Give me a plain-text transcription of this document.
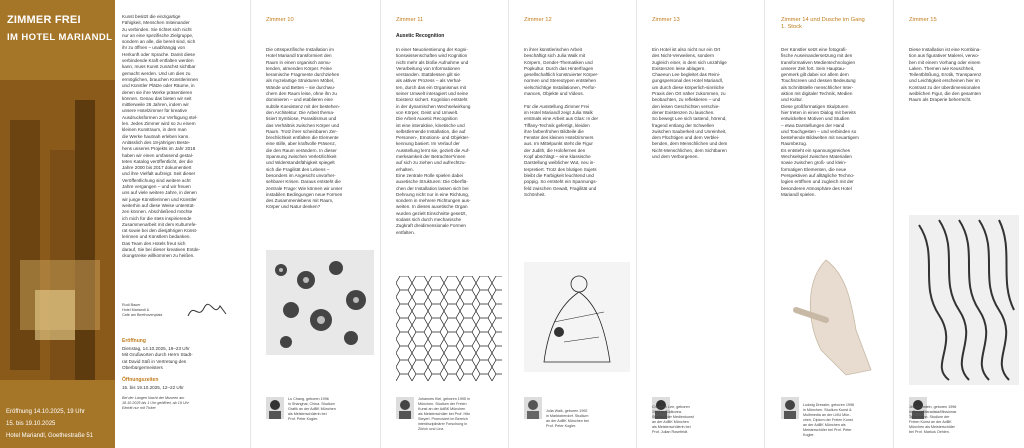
ZIMMER FREI
IM HOTEL MARIANDL
Eröffnung 14.10.2025, 19 Uhr
15. bis 19.10.2025
Hotel Mariandl, Goethestraße 51
Kunst besitzt die einzigartige
Fähigkeit, Menschen miteinander
zu verbinden. Sie richtet sich nicht
nur an eine spezifische Zielgruppe,
sondern an alle, die bereit sind, sich
ihr zu öffnen – unabhängig von
Herkunft oder Sprache. Damit diese
verbindende Kraft entfalten werden
kann, muss Kunst zunächst sichtbar
gemacht werden. Und um dies zu
ermöglichen, brauchen Künstlerinnen
und Künstler Plätze oder Räume, in
denen sie ihre Werke präsentieren
können. Genau das bieten wir seit
mittlerweile 26 Jahren, indem wir
unsere Hotelzimmer für kreative
Ausdrucksformen zur Verfügung stel-
len. Jedes Zimmer wird so zu einem
kleinen Kunstraum, in dem man
die Werke hautnah erleben kann.
Anlässlich des 18-jährigen Beste-
hens unseres Projekts im Jahr 2018
haben wir einen umfassend gestal-
teten Katalog veröffentlicht, der die
Jahre 2000 bis 2017 dokumentiert
und ihre Vielfalt aufzeigt. Seit dieser
Veröffentlichung sind weitere acht
Jahre vergangen – und wir freuen
uns auf viele weitere Jahre, in denen
wir junge Künstlerinnen und Künstler
weiterhin auf diese Weise unterstüt-
zen können. Abschließend möchte
ich mich für die stets inspirierende
Zusammenarbeit mit dem Kulturrefe-
rat sowie bei den diesjährigen Künst-
lerinnen und Künstlern bedanken.
Das Team des Hotels freut sich
darauf, Sie bei dieser kreativen Entde-
ckungsreise willkommen zu heißen.
Rudi Bauer
Hotel Mariandl &
Café am Beethovenplatz
Eröffnung
Dienstag, 14.10.2025, 19–23 Uhr
Mit Grußworten durch Herrn Stadt-
rat David Süß in Vertretung des
Oberbürgermeisters
Öffnungszeiten
15. bis 19.10.2025, 12–22 Uhr
Bei der Langen Nacht der Museen am
18.10.2025 bis 1 Uhr geöffnet, ab 19 Uhr
Eintritt nur mit Ticket
Zimmer 10
Die ortsspezifische Installation im
Hotel Mariandl transformiert den
Raum in einen organisch anmu-
tenden, atmenden Körper. Feine
keramische Fragmente durchziehen
als myzelartige Strukturen Möbel,
Wände und Betten – sie durchwu-
chern den Raum leise, ohne ihn zu
dominieren – und etablieren eine
subtile Koexistenz mit der bestehen-
den Architektur. Die Arbeit thema-
tisiert Symbiose, Parasitismus und
das Verhältnis zwischen Körper und
Raum. Trotz ihrer scheinbaren Zer-
brechlichkeit entfalten die Elemente
eine stille, aber kraftvolle Präsenz,
die den Raum verändern. In dieser
Spannung zwischen Verletzlichkeit
und Widerstandsfähigkeit spiegelt
sich die Fragilität des Lebens –
besonders im Angesicht unvorher-
sehbarer Krisen. Daraus entsteht die
zentrale Frage: Wie können wir unser
instabilen Bedingungen neue Formen
des Zusammenlebens mit Raum,
Körper und Natur denken?
Lu Chang, geboren 1996
in Shanghai, China. Studium
Grafik an der AdBK München
als Meisterschülerin bei
Prof. Peter Kogler.
Zimmer 11
Auxetic Recognition
In einer Neuorientierung der Kogni-
tionswissenschaften wird Kognition
nicht mehr als bloße Aufnahme und
Verarbeitung von Informationen
verstanden. Stattdessen gilt sie
als aktiver Prozess – als Verhal-
ten, durch das ein Organismus mit
seiner Umwelt interagiert und seine
Existenz sichert. Kognition entsteht
in der dynamischen Wechselwirkung
von Körper, Geist und Umwelt.
Die Arbeit Auxetic Recognition
ist eine interaktive, kinetische und
selbstlernende Installation, die auf
Personen-, Emotions- und Objekter-
kennung basiert. Im Verlauf der
Ausstellung lernt sie, gezielt die Auf-
merksamkeit der Betrachter*innen
auf sich zu ziehen und aufrechtzu-
erhalten.
Eine zentrale Rolle spielen dabei
auxetische Strukturen: Die Oberflä-
chen der Installation lassen sich bei
Dehnung nicht nur in eine Richtung,
sondern in mehrere Richtungen aus-
weiten. In dieses auxetische Organ
wurden gezielt Einschnitte gesetzt,
sodass sich durch mechanische
Zugkraft dreidimensionale Formen
entfalten.
Johannes Kiel, geboren 1995 in
München. Studium der Freien
Kunst an der AdBK München
als Meisterschüler bei Prof. Hito
Steyerl. Promoviert im Bereich
interdisziplinärer Forschung in
Zürich und Linz.
Zimmer 12
In ihrer künstlerischen Arbeit
beschäftigt sich Julia Walk mit
Körpern, Gender-Thematiken und
Popkultur. Durch das Hinterfragen
gesellschaftlich konstruierter Körper-
normen und Stereotypen entstehen
vielschichtige Installationen, Perfor-
mances, Objekte und Videos.

Für die Ausstellung Zimmer Frei
im Hotel Mariandl zeigt Julia Walk
erstmals eine Arbeit aus Glas: In der
Tiffany-Technik gefertigt, kleiden
ihre farbenfrohen Bildteile die
Fenster des kleinen Hotelzimmers
aus. Im Mittelpunkt steht die Figur
der Judith, die Holofernes den
Kopf abschlägt – eine klassische
Darstellung weiblicher Wut, neu in-
terpretiert. Trotz des blutigen Sujets
bleibt die Farbigkeit leuchtend und
poppig. So entsteht ein Spannungs-
feld zwischen Gewalt, Fragilität und
Schönheit.
Julia Walk, geboren 1992
in Marktoberdorf. Studium
an der AdBK München bei
Prof. Peter Kogler.
Zimmer 13
Ein Hotel ist also nicht nur ein Ort
des Nicht-Verweilens, sondern
zugleich einer, in dem sich unzählige
Existenzen leise ablagern.
Chaeeun Lee begleitet das Reini-
gungspersonal des Hotel Mariandl,
um durch diese körperlich-sinnliche
Praxis den Ort näher zukommen, zu
beobachten, zu reflektieren – und
den leisen Geschichten verschie-
dener Existenzen zu lauschen.
So bewegt Lee sich tastend, hörend,
fragend entlang der Schwellen
zwischen Sauberkeit und Unreinheit,
dem Flüchtigen und dem Verblei-
benden, dem Menschlichen und dem
Nicht-Menschlichen, dem Sichtbaren
und dem Verborgenen.
Chaeeun Lee, geboren
1993 in Südkorea.
Studium der Medienkunst
an der AdBK München
als Meisterschülerin bei
Prof. Julian Rosefeldt.
Zimmer 14 und Dusche im Gang
1. Stock
Der Künstler setzt eine fotografi-
fische Auseinandersetzung mit den
transformativen Medientechnologien
unserer Zeit fort. Sein Hauptau-
genmerk gilt dabei vor allem dem
Touchscreen und dessen Bedeutung
als Schnittstelle menschlicher Inter-
aktion mit digitaler Technik, Medien
und Kultur.
Diese großformatigen Skulpturen
hier treten in einen Dialog mit bereits
entwickelten Motiven und Studien
– etwa Darstellungen der Hand
und Touchgesten – und verbinden so
bestehende Bildwelten mit neuartigem
Raumbezug.
Es entsteht ein spannungsreiches
Wechselspiel zwischen Materialien
sowie zwischen groß- und klein-
formatigen Elementen, die neue
Perspektiven auf alltägliche Techno-
logien eröffnen und zugleich mit der
besonderen Atmosphäre des Hotel
Mariandl spielen.
Ludwig Dressler, geboren 1996
in München. Studium Kunst &
Multimedia an der LMU Mün-
chen, Diplom der Freien Kunst
an der AdBK München als
Meisterschüler bei Prof. Peter
Kogler.
Zimmer 15
Diese Installation ist eine Kombina-
tion aus figurativer Malerei, verwo-
ben mit einem Vorhang oder einem
Laken. Themen wie Keuschheit,
Teilentblößung, Erotik, Transparenz
und Leichtigkeit erscheinen hier im
Kontrast zu der überdimensionalen
weiblichen Figur, die den gesamten
Raum als Draperie beherrscht.
Jiro Rohmlein, geboren 1996
in Seoul/Maradisia/Missionar.
Taiheichinn. Studium der
Freien Kunst an der AdBK
München als Meisterschüler
bei Prof. Markus Oehlen.
